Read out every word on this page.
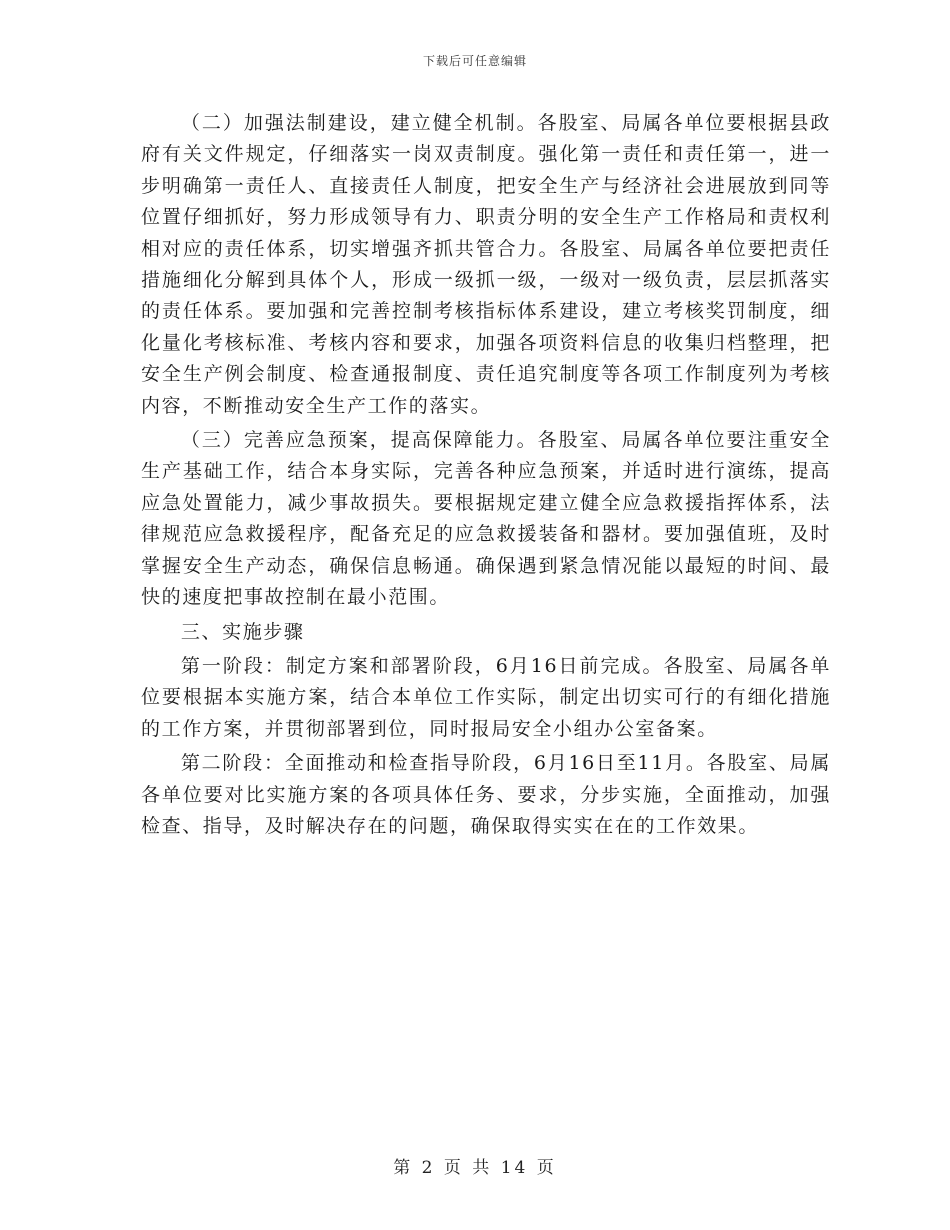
下载后可任意编辑

（二）加强法制建设，建立健全机制。各股室、局属各单位要根据县政府有关文件规定，仔细落实一岗双责制度。强化第一责任和责任第一，进一步明确第一责任人、直接责任人制度，把安全生产与经济社会进展放到同等位置仔细抓好，努力形成领导有力、职责分明的安全生产工作格局和责权利相对应的责任体系，切实增强齐抓共管合力。各股室、局属各单位要把责任措施细化分解到具体个人，形成一级抓一级，一级对一级负责，层层抓落实的责任体系。要加强和完善控制考核指标体系建设，建立考核奖罚制度，细化量化考核标准、考核内容和要求，加强各项资料信息的收集归档整理，把安全生产例会制度、检查通报制度、责任追究制度等各项工作制度列为考核内容，不断推动安全生产工作的落实。

（三）完善应急预案，提高保障能力。各股室、局属各单位要注重安全生产基础工作，结合本身实际，完善各种应急预案，并适时进行演练，提高应急处置能力，减少事故损失。要根据规定建立健全应急救援指挥体系，法律规范应急救援程序，配备充足的应急救援装备和器材。要加强值班，及时掌握安全生产动态，确保信息畅通。确保遇到紧急情况能以最短的时间、最快的速度把事故控制在最小范围。

三、实施步骤

第一阶段：制定方案和部署阶段，6月16日前完成。各股室、局属各单位要根据本实施方案，结合本单位工作实际，制定出切实可行的有细化措施的工作方案，并贯彻部署到位，同时报局安全小组办公室备案。

第二阶段：全面推动和检查指导阶段，6月16日至11月。各股室、局属各单位要对比实施方案的各项具体任务、要求，分步实施，全面推动，加强检查、指导，及时解决存在的问题，确保取得实实在在的工作效果。

第 2 页 共 14 页
